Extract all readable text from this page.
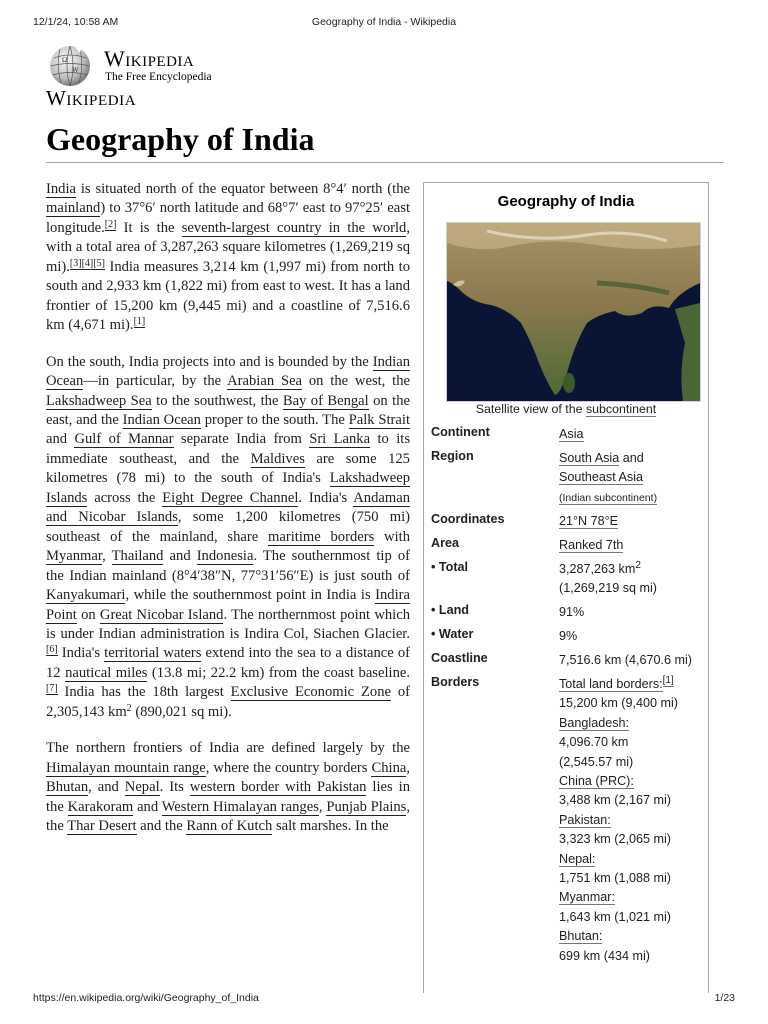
12/1/24, 10:58 AM	Geography of India - Wikipedia
Ω
W Wikipedia
The Free Encyclopedia
Wikipedia
Geography of India

India is situated north of the equator between 8°4′ north (the mainland) to 37°6′ north latitude and 68°7′ east to 97°25′ east longitude.[2] It is the seventh-largest country in the world, with a total area of 3,287,263 square kilometres (1,269,219 sq mi).[3][4][5] India measures 3,214 km (1,997 mi) from north to south and 2,933 km (1,822 mi) from east to west. It has a land frontier of 15,200 km (9,445 mi) and a coastline of 7,516.6 km (4,671 mi).[1]

On the south, India projects into and is bounded by the Indian Ocean—in particular, by the Arabian Sea on the west, the Lakshadweep Sea to the southwest, the Bay of Bengal on the east, and the Indian Ocean proper to the south. The Palk Strait and Gulf of Mannar separate India from Sri Lanka to its immediate southeast, and the Maldives are some 125 kilometres (78 mi) to the south of India's Lakshadweep Islands across the Eight Degree Channel. India's Andaman and Nicobar Islands, some 1,200 kilometres (750 mi) southeast of the mainland, share maritime borders with Myanmar, Thailand and Indonesia. The southernmost tip of the Indian mainland (8°4′38″N, 77°31′56″E) is just south of Kanyakumari, while the southernmost point in India is Indira Point on Great Nicobar Island. The northernmost point which is under Indian administration is Indira Col, Siachen Glacier.[6] India's territorial waters extend into the sea to a distance of 12 nautical miles (13.8 mi; 22.2 km) from the coast baseline.[7] India has the 18th largest Exclusive Economic Zone of 2,305,143 $km^2$ (890,021 sq mi).

The northern frontiers of India are defined largely by the Himalayan mountain range, where the country borders China, Bhutan, and Nepal. Its western border with Pakistan lies in the Karakoram and Western Himalayan ranges, Punjab Plains, the Thar Desert and the Rann of Kutch salt marshes. In the

Geography of India
Satellite view of the subcontinent
Continent	Asia
Region	South Asia and
Southeast Asia
(Indian subcontinent)
Coordinates	21°N 78°E
Area	Ranked 7th
• Total	3,287,263 $km^2$
(1,269,219 sq mi)
• Land	91%
• Water	9%
Coastline	7,516.6 km (4,670.6 mi)
Borders	Total land borders:[1]
15,200 km (9,400 mi)
Bangladesh:
4,096.70 km
(2,545.57 mi)
China (PRC):
3,488 km (2,167 mi)
Pakistan:
3,323 km (2,065 mi)
Nepal:
1,751 km (1,088 mi)
Myanmar:
1,643 km (1,021 mi)
Bhutan:
699 km (434 mi)
https://en.wikipedia.org/wiki/Geography_of_India	1/23
